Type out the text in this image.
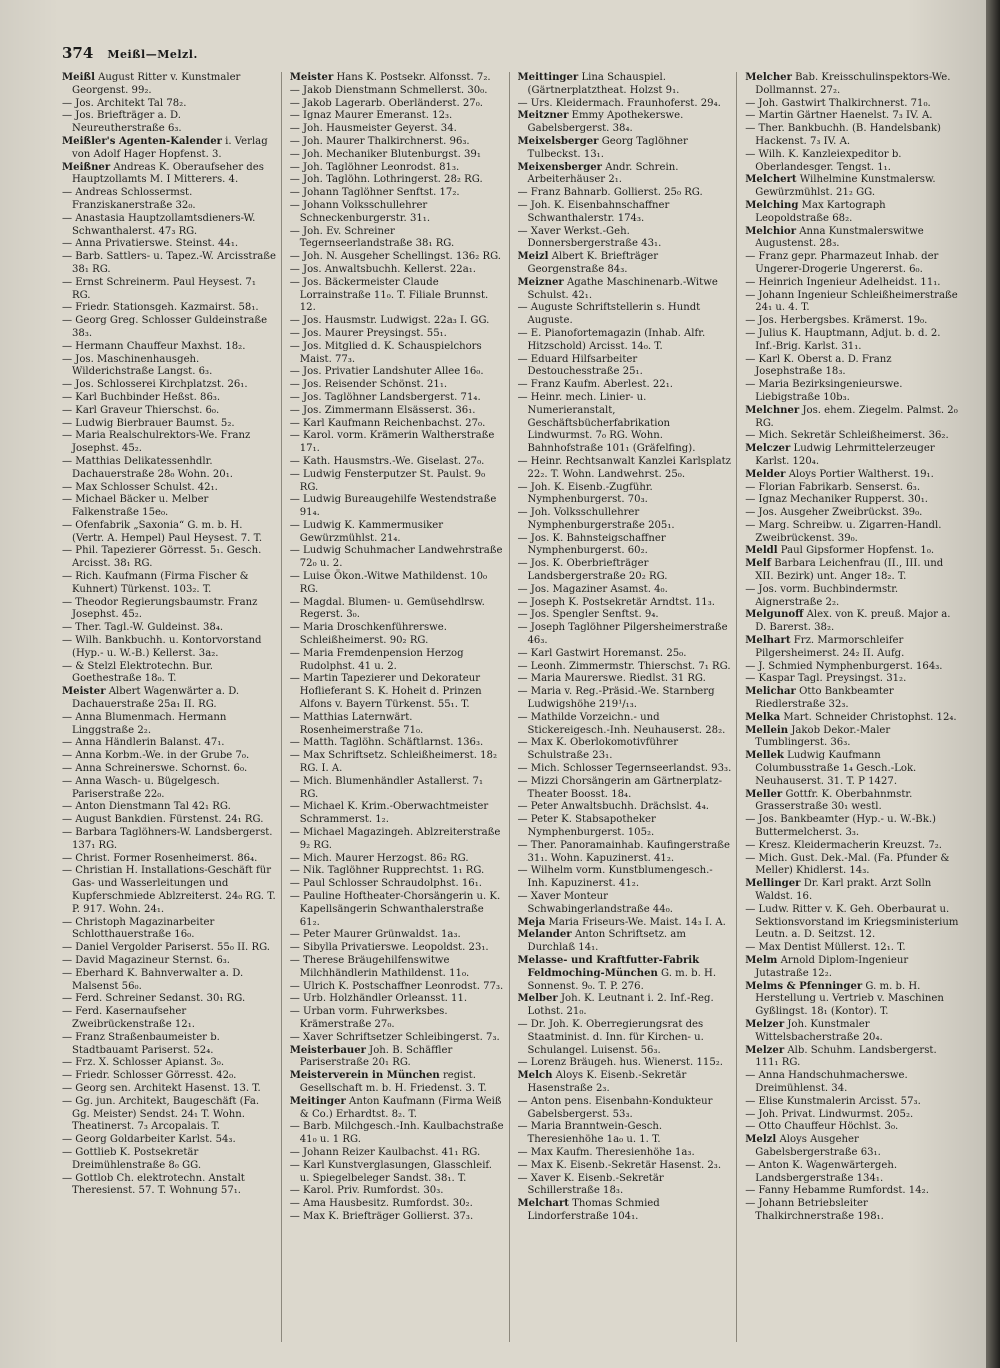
374 Meißl—Melzl.

Meißl August Ritter v. Kunstmaler Georgenst. 99₂.

— Jos. Architekt Tal 78₂.

— Jos. Briefträger a. D. Neureutherstraße 6₃.

Meißler's Agenten-Kalender i. Verlag von Adolf Hager Hopfenst. 3.

Meißner Andreas K. Oberaufseher des Hauptzollamts M. I Mitterers. 4.

— Andreas Schlossermst. Franziskanerstraße 32₀.

— Anastasia Hauptzollamtsdieners-W. Schwanthalerst. 47₃ RG.

— Anna Privatierswe. Steinst. 44₁.

— Barb. Sattlers- u. Tapez.-W. Arcisstraße 38₁ RG.

— Ernst Schreinerm. Paul Heysest. 7₁ RG.

— Friedr. Stationsgeh. Kazmairst. 58₁.

— Georg Greg. Schlosser Guldeinstraße 38₃.

— Hermann Chauffeur Maxhst. 18₂.

— Jos. Maschinenhausgeh. Wilderichstraße Langst. 6₃.

— Jos. Schlosserei Kirchplatzst. 26₁.

— Karl Buchbinder Heßst. 86₃.

— Karl Graveur Thierschst. 6₀.

— Ludwig Bierbrauer Baumst. 5₂.

— Maria Realschulrektors-We. Franz Josephst. 45₂.

— Matthias Delikatessenhdlr. Dachauerstraße 28₀ Wohn. 20₁.

— Max Schlosser Schulst. 42₁.

— Michael Bäcker u. Melber Falkenstraße 15e₀.

— Ofenfabrik „Saxonia“ G. m. b. H. (Vertr. A. Hempel) Paul Heysest. 7. T.

— Phil. Tapezierer Görresst. 5₁. Gesch. Arcisst. 38₁ RG.

— Rich. Kaufmann (Firma Fischer & Kuhnert) Türkenst. 103₂. T.

— Theodor Regierungsbaumstr. Franz Josephst. 45₂.

— Ther. Tagl.-W. Guldeinst. 38₄.

— Wilh. Bankbuchh. u. Kontorvorstand (Hyp.- u. W.-B.) Kellerst. 3a₂.

— & Stelzl Elektrotechn. Bur. Goethestraße 18₀. T.

Meister Albert Wagenwärter a. D. Dachauerstraße 25a₁ II. RG.

— Anna Blumenmach. Hermann Linggstraße 2₂.

— Anna Händlerin Balanst. 47₁.

— Anna Korbm.-We. in der Grube 7₀.

— Anna Schreinerswe. Schornst. 6₀.

— Anna Wasch- u. Bügelgesch. Pariserstraße 22₀.

— Anton Dienstmann Tal 42₁ RG.

— August Bankdien. Fürstenst. 24₁ RG.

— Barbara Taglöhners-W. Landsbergerst. 137₁ RG.

— Christ. Former Rosenheimerst. 86₄.

— Christian H. Installations-Geschäft für Gas- und Wasserleitungen und Kupferschmiede Ablzreiterst. 24₀ RG. T. P. 917. Wohn. 24₁.

— Christoph Magazinarbeiter Schlotthauerstraße 16₀.

— Daniel Vergolder Pariserst. 55₀ II. RG.

— David Magazineur Sternst. 6₃.

— Eberhard K. Bahnverwalter a. D. Malsenst 56₀.

— Ferd. Schreiner Sedanst. 30₁ RG.

— Ferd. Kasernaufseher Zweibrückenstraße 12₁.

— Franz Straßenbaumeister b. Stadtbauamt Pariserst. 52₄.

— Frz. X. Schlosser Apianst. 3₀.

— Friedr. Schlosser Görresst. 42₀.

— Georg sen. Architekt Hasenst. 13. T.

— Gg. jun. Architekt, Baugeschäft (Fa. Gg. Meister) Sendst. 24₁ T. Wohn. Theatinerst. 7₃ Arcopalais. T.

— Georg Goldarbeiter Karlst. 54₃.

— Gottlieb K. Postsekretär Dreimühlenstraße 8₀ GG.

— Gottlob Ch. elektrotechn. Anstalt Theresienst. 57. T. Wohnung 57₁.

Meister Hans K. Postsekr. Alfonsst. 7₂.

— Jakob Dienstmann Schmellerst. 30₀.

— Jakob Lagerarb. Oberländerst. 27₀.

— Ignaz Maurer Emeranst. 12₃.

— Joh. Hausmeister Geyerst. 34.

— Joh. Maurer Thalkirchnerst. 96₃.

— Joh. Mechaniker Blutenburgst. 39₁

— Joh. Taglöhner Leonrodst. 81₃.

— Joh. Taglöhn. Lothringerst. 28₂ RG.

— Johann Taglöhner Senftst. 17₂.

— Johann Volksschullehrer Schneckenburgerstr. 31₁.

— Joh. Ev. Schreiner Tegernseerlandstraße 38₁ RG.

— Joh. N. Ausgeher Schellingst. 136₂ RG.

— Jos. Anwaltsbuchh. Kellerst. 22a₁.

— Jos. Bäckermeister Claude Lorrainstraße 11₀. T. Filiale Brunnst. 12.

— Jos. Hausmstr. Ludwigst. 22a₃ I. GG.

— Jos. Maurer Preysingst. 55₁.

— Jos. Mitglied d. K. Schauspielchors Maist. 77₃.

— Jos. Privatier Landshuter Allee 16₀.

— Jos. Reisender Schönst. 21₁.

— Jos. Taglöhner Landsbergerst. 71₄.

— Jos. Zimmermann Elsässerst. 36₁.

— Karl Kaufmann Reichenbachst. 27₀.

— Karol. vorm. Krämerin Waltherstraße 17₁.

— Kath. Hausmstrs.-We. Giselast. 27₀.

— Ludwig Fensterputzer St. Paulst. 9₀ RG.

— Ludwig Bureaugehilfe Westendstraße 91₄.

— Ludwig K. Kammermusiker Gewürzmühlst. 21₄.

— Ludwig Schuhmacher Landwehrstraße 72₀ u. 2.

— Luise Ökon.-Witwe Mathildenst. 10₀ RG.

— Magdal. Blumen- u. Gemüsehdlrsw. Regerst. 3₀.

— Maria Droschkenführerswe. Schleißheimerst. 90₂ RG.

— Maria Fremdenpension Herzog Rudolphst. 41 u. 2.

— Martin Tapezierer und Dekorateur Hoflieferant S. K. Hoheit d. Prinzen Alfons v. Bayern Türkenst. 55₁. T.

— Matthias Laternwärt. Rosenheimerstraße 71₀.

— Matth. Taglöhn. Schäftlarnst. 136₃.

— Max Schriftsetz. Schleißheimerst. 18₂ RG. I. A.

— Mich. Blumenhändler Astallerst. 7₁ RG.

— Michael K. Krim.-Oberwachtmeister Schrammerst. 1₂.

— Michael Magazingeh. Ablzreiterstraße 9₂ RG.

— Mich. Maurer Herzogst. 86₂ RG.

— Nik. Taglöhner Rupprechtst. 1₁ RG.

— Paul Schlosser Schraudolphst. 16₁.

— Pauline Hoftheater-Chorsängerin u. K. Kapellsängerin Schwanthalerstraße 61₂.

— Peter Maurer Grünwaldst. 1a₃.

— Sibylla Privatierswe. Leopoldst. 23₁.

— Therese Bräugehilfenswitwe Milchhändlerin Mathildenst. 11₀.

— Ulrich K. Postschaffner Leonrodst. 77₃.

— Urb. Holzhändler Orleansst. 11.

— Urban vorm. Fuhrwerksbes. Krämerstraße 27₀.

— Xaver Schriftsetzer Schleibingerst. 7₃.

Meisterbauer Joh. B. Schäffler Pariserstraße 20₁ RG.

Meisterverein in München regist. Gesellschaft m. b. H. Friedenst. 3. T.

Meitinger Anton Kaufmann (Firma Weiß & Co.) Erhardtst. 8₂. T.

— Barb. Milchgesch.-Inh. Kaulbachstraße 41₀ u. 1 RG.

— Johann Reizer Kaulbachst. 41₁ RG.

— Karl Kunstverglasungen, Glasschleif. u. Spiegelbeleger Sandst. 38₁. T.

— Karol. Priv. Rumfordst. 30₃.

— Ama Hausbesitz. Rumfordst. 30₂.

— Max K. Briefträger Gollierst. 37₃.

Meittinger Lina Schauspiel. (Gärtnerplatztheat. Holzst 9₁.

— Urs. Kleidermach. Fraunhoferst. 29₄.

Meitzner Emmy Apothekerswe. Gabelsbergerst. 38₄.

Meixelsberger Georg Taglöhner Tulbeckst. 13₁.

Meixensberger Andr. Schrein. Arbeiterhäuser 2₁.

— Franz Bahnarb. Gollierst. 25₀ RG.

— Joh. K. Eisenbahnschaffner Schwanthalerstr. 174₃.

— Xaver Werkst.-Geh. Donnersbergerstraße 43₁.

Meizl Albert K. Briefträger Georgenstraße 84₃.

Meizner Agathe Maschinenarb.-Witwe Schulst. 42₁.

— Auguste Schriftstellerin s. Hundt Auguste.

— E. Pianofortemagazin (Inhab. Alfr. Hitzschold) Arcisst. 14₀. T.

— Eduard Hilfsarbeiter Destouchesstraße 25₁.

— Franz Kaufm. Aberlest. 22₁.

— Heinr. mech. Linier- u. Numerieranstalt, Geschäftsbücherfabrikation Lindwurmst. 7₀ RG. Wohn. Bahnhofstraße 101₁ (Gräfelfing).

— Heinr. Rechtsanwalt Kanzlei Karlsplatz 22₂. T. Wohn. Landwehrst. 25₀.

— Joh. K. Eisenb.-Zugführ. Nymphenburgerst. 70₃.

— Joh. Volksschullehrer Nymphenburgerstraße 205₁.

— Jos. K. Bahnsteigschaffner Nymphenburgerst. 60₂.

— Jos. K. Oberbriefträger Landsbergerstraße 20₂ RG.

— Jos. Magaziner Asamst. 4₀.

— Joseph K. Postsekretär Arndtst. 11₃.

— Jos. Spengler Senftst. 9₄.

— Joseph Taglöhner Pilgersheimerstraße 46₃.

— Karl Gastwirt Horemanst. 25₀.

— Leonh. Zimmermstr. Thierschst. 7₁ RG.

— Maria Maurerswe. Riedlst. 31 RG.

— Maria v. Reg.-Präsid.-We. Starnberg Ludwigshöhe 219¹/₁₃.

— Mathilde Vorzeichn.- und Stickereigesch.-Inh. Neuhauserst. 28₂.

— Max K. Oberlokomotivführer Schulstraße 23₁.

— Mich. Schlosser Tegernseerlandst. 93₃.

— Mizzi Chorsängerin am Gärtnerplatz-Theater Boosst. 18₄.

— Peter Anwaltsbuchh. Drächslst. 4₄.

— Peter K. Stabsapotheker Nymphenburgerst. 105₂.

— Ther. Panoramainhab. Kaufingerstraße 31₁. Wohn. Kapuzinerst. 41₂.

— Wilhelm vorm. Kunstblumengesch.-Inh. Kapuzinerst. 41₂.

— Xaver Monteur Schwabingerlandstraße 44₀.

Meja Maria Friseurs-We. Maist. 14₃ I. A.

Melander Anton Schriftsetz. am Durchlaß 14₁.

Melasse- und Kraftfutter-Fabrik Feldmoching-München G. m. b. H. Sonnenst. 9₀. T. P. 276.

Melber Joh. K. Leutnant i. 2. Inf.-Reg. Lothst. 21₀.

— Dr. Joh. K. Oberregierungsrat des Staatminist. d. Inn. für Kirchen- u. Schulangel. Luisenst. 56₃.

— Lorenz Bräugeh. hus. Wienerst. 115₂.

Melch Aloys K. Eisenb.-Sekretär Hasenstraße 2₃.

— Anton pens. Eisenbahn-Kondukteur Gabelsbergerst. 53₃.

— Maria Branntwein-Gesch. Theresienhöhe 1a₀ u. 1. T.

— Max Kaufm. Theresienhöhe 1a₃.

— Max K. Eisenb.-Sekretär Hasenst. 2₃.

— Xaver K. Eisenb.-Sekretär Schillerstraße 18₃.

Melchart Thomas Schmied Lindorferstraße 104₁.

Melcher Bab. Kreisschulinspektors-We. Dollmannst. 27₂.

— Joh. Gastwirt Thalkirchnerst. 71₀.

— Martin Gärtner Haenelst. 7₃ IV. A.

— Ther. Bankbuchh. (B. Handelsbank) Hackenst. 7₃ IV. A.

— Wilh. K. Kanzleiexpeditor b. Oberlandesger. Tengst. 1₁.

Melchert Wilhelmine Kunstmalersw. Gewürzmühlst. 21₂ GG.

Melching Max Kartograph Leopoldstraße 68₂.

Melchior Anna Kunstmalerswitwe Augustenst. 28₃.

— Franz gepr. Pharmazeut Inhab. der Ungerer-Drogerie Ungererst. 6₀.

— Heinrich Ingenieur Adelheidst. 11₁.

— Johann Ingenieur Schleißheimerstraße 24₁ u. 4. T.

— Jos. Herbergsbes. Krämerst. 19₀.

— Julius K. Hauptmann, Adjut. b. d. 2. Inf.-Brig. Karlst. 31₁.

— Karl K. Oberst a. D. Franz Josephstraße 18₃.

— Maria Bezirksingenieurswe. Liebigstraße 10b₃.

Melchner Jos. ehem. Ziegelm. Palmst. 2₀ RG.

— Mich. Sekretär Schleißheimerst. 36₂.

Melczer Ludwig Lehrmittelerzeuger Karlst. 120₄.

Melder Aloys Portier Waltherst. 19₁.

— Florian Fabrikarb. Senserst. 6₃.

— Ignaz Mechaniker Rupperst. 30₁.

— Jos. Ausgeher Zweibrückst. 39₀.

— Marg. Schreibw. u. Zigarren-Handl. Zweibrückenst. 39₀.

Meldl Paul Gipsformer Hopfenst. 1₀.

Melf Barbara Leichenfrau (II., III. und XII. Bezirk) unt. Anger 18₂. T.

— Jos. vorm. Buchbindermstr. Aignerstraße 2₂.

Melgunoff Alex. von K. preuß. Major a. D. Barerst. 38₂.

Melhart Frz. Marmorschleifer Pilgersheimerst. 24₂ II. Aufg.

— J. Schmied Nymphenburgerst. 164₃.

— Kaspar Tagl. Preysingst. 31₂.

Melichar Otto Bankbeamter Riedlerstraße 32₃.

Melka Mart. Schneider Christophst. 12₄.

Mellein Jakob Dekor.-Maler Tumblingerst. 36₃.

Mellek Ludwig Kaufmann Columbusstraße 1₄ Gesch.-Lok. Neuhauserst. 31. T. P 1427.

Meller Gottfr. K. Oberbahnmstr. Grasserstraße 30₁ westl.

— Jos. Bankbeamter (Hyp.- u. W.-Bk.) Buttermelcherst. 3₃.

— Kresz. Kleidermacherin Kreuzst. 7₂.

— Mich. Gust. Dek.-Mal. (Fa. Pfunder & Meller) Khidlerst. 14₃.

Mellinger Dr. Karl prakt. Arzt Solln Waldst. 16.

— Ludw. Ritter v. K. Geh. Oberbaurat u. Sektionsvorstand im Kriegsministerium Leutn. a. D. Seitzst. 12.

— Max Dentist Müllerst. 12₁. T.

Melm Arnold Diplom-Ingenieur Jutastraße 12₂.

Melms & Pfenninger G. m. b. H. Herstellung u. Vertrieb v. Maschinen Gyßlingst. 18₁ (Kontor). T.

Melzer Joh. Kunstmaler Wittelsbacherstraße 20₄.

Melzer Alb. Schuhm. Landsbergerst. 111₁ RG.

— Anna Handschuhmacherswe. Dreimühlenst. 34.

— Elise Kunstmalerin Arcisst. 57₃.

— Joh. Privat. Lindwurmst. 205₂.

— Otto Chauffeur Höchlst. 3₀.

Melzl Aloys Ausgeher Gabelsbergerstraße 63₁.

— Anton K. Wagenwärtergeh. Landsbergerstraße 134₁.

— Fanny Hebamme Rumfordst. 14₂.

— Johann Betriebsleiter Thalkirchnerstraße 198₁.
